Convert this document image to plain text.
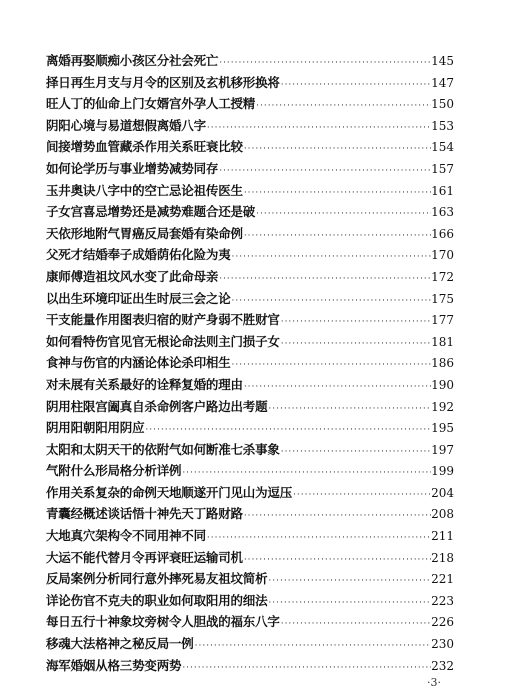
离婚再娶顺痴小孩区分社会死亡 ·····	145
择日再生月支与月令的区别及玄机移形换将 ·····	147
旺人丁的仙命上门女婿宫外孕人工授精 ·····	150
阴阳心境与易道想假离婚八字 ·····	153
间接增势血管藏杀作用关系旺衰比较 ·····	154
如何论学历与事业增势减势同存 ·····	157
玉井奥诀八字中的空亡忌论祖传医生 ·····	161
子女宫喜忌增势还是减势难题合还是破 ·····	163
天依形地附气胃癌反局套婚有染命例 ·····	166
父死才结婚奉子成婚荫佑化险为夷 ·····	170
康师傅造祖坟风水变了此命母亲 ·····	172
以出生环境印证出生时辰三会之论 ·····	175
干支能量作用图表归宿的财产身弱不胜财官 ·····	177
如何看特伤官见官无根论命法则主门损子女 ·····	181
食神与伤官的内涵论体论杀印相生 ·····	186
对未展有关系最好的诠释复婚的理由 ·····	190
阴用柱限宫阖真自杀命例客户路边出考题 ·····	192
阴用阳朝阳用阴应 ·····	195
太阳和太阴天干的依附气如何断准七杀事象 ·····	197
气附什么形局格分析详例 ·····	199
作用关系复杂的命例天地顺遂开门见山为逗压 ·····	204
青囊经概述谈话悟十神先天丁路财路 ·····	208
大地真穴架构令不同用神不同 ·····	211
大运不能代替月令再评衰旺运输司机 ·····	218
反局案例分析同行意外摔死易友祖坟简析 ·····	221
详论伤官不克夫的职业如何取阳用的细法 ·····	223
每日五行十神象坟旁树令人胆战的福东八字 ·····	226
移魂大法格神之秘反局一例 ·····	230
海军婚姻从格三势变两势 ·····	232
·3·
